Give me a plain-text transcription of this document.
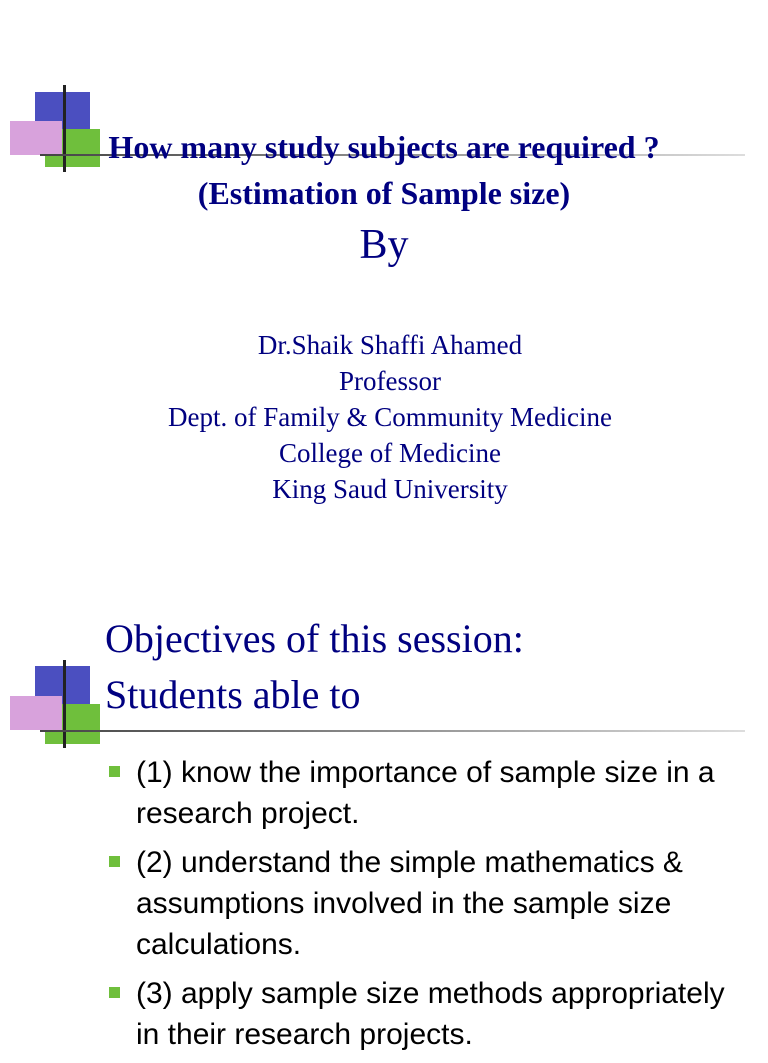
How many study subjects are required ?
(Estimation of Sample size)
By
Dr.Shaik Shaffi Ahamed
Professor
Dept. of Family & Community Medicine
College of Medicine
King Saud University
Objectives of this session:
Students able to
(1) know the importance of sample size in a research project.
(2) understand the simple mathematics & assumptions involved in the sample size calculations.
(3) apply sample size methods appropriately in their research projects.
